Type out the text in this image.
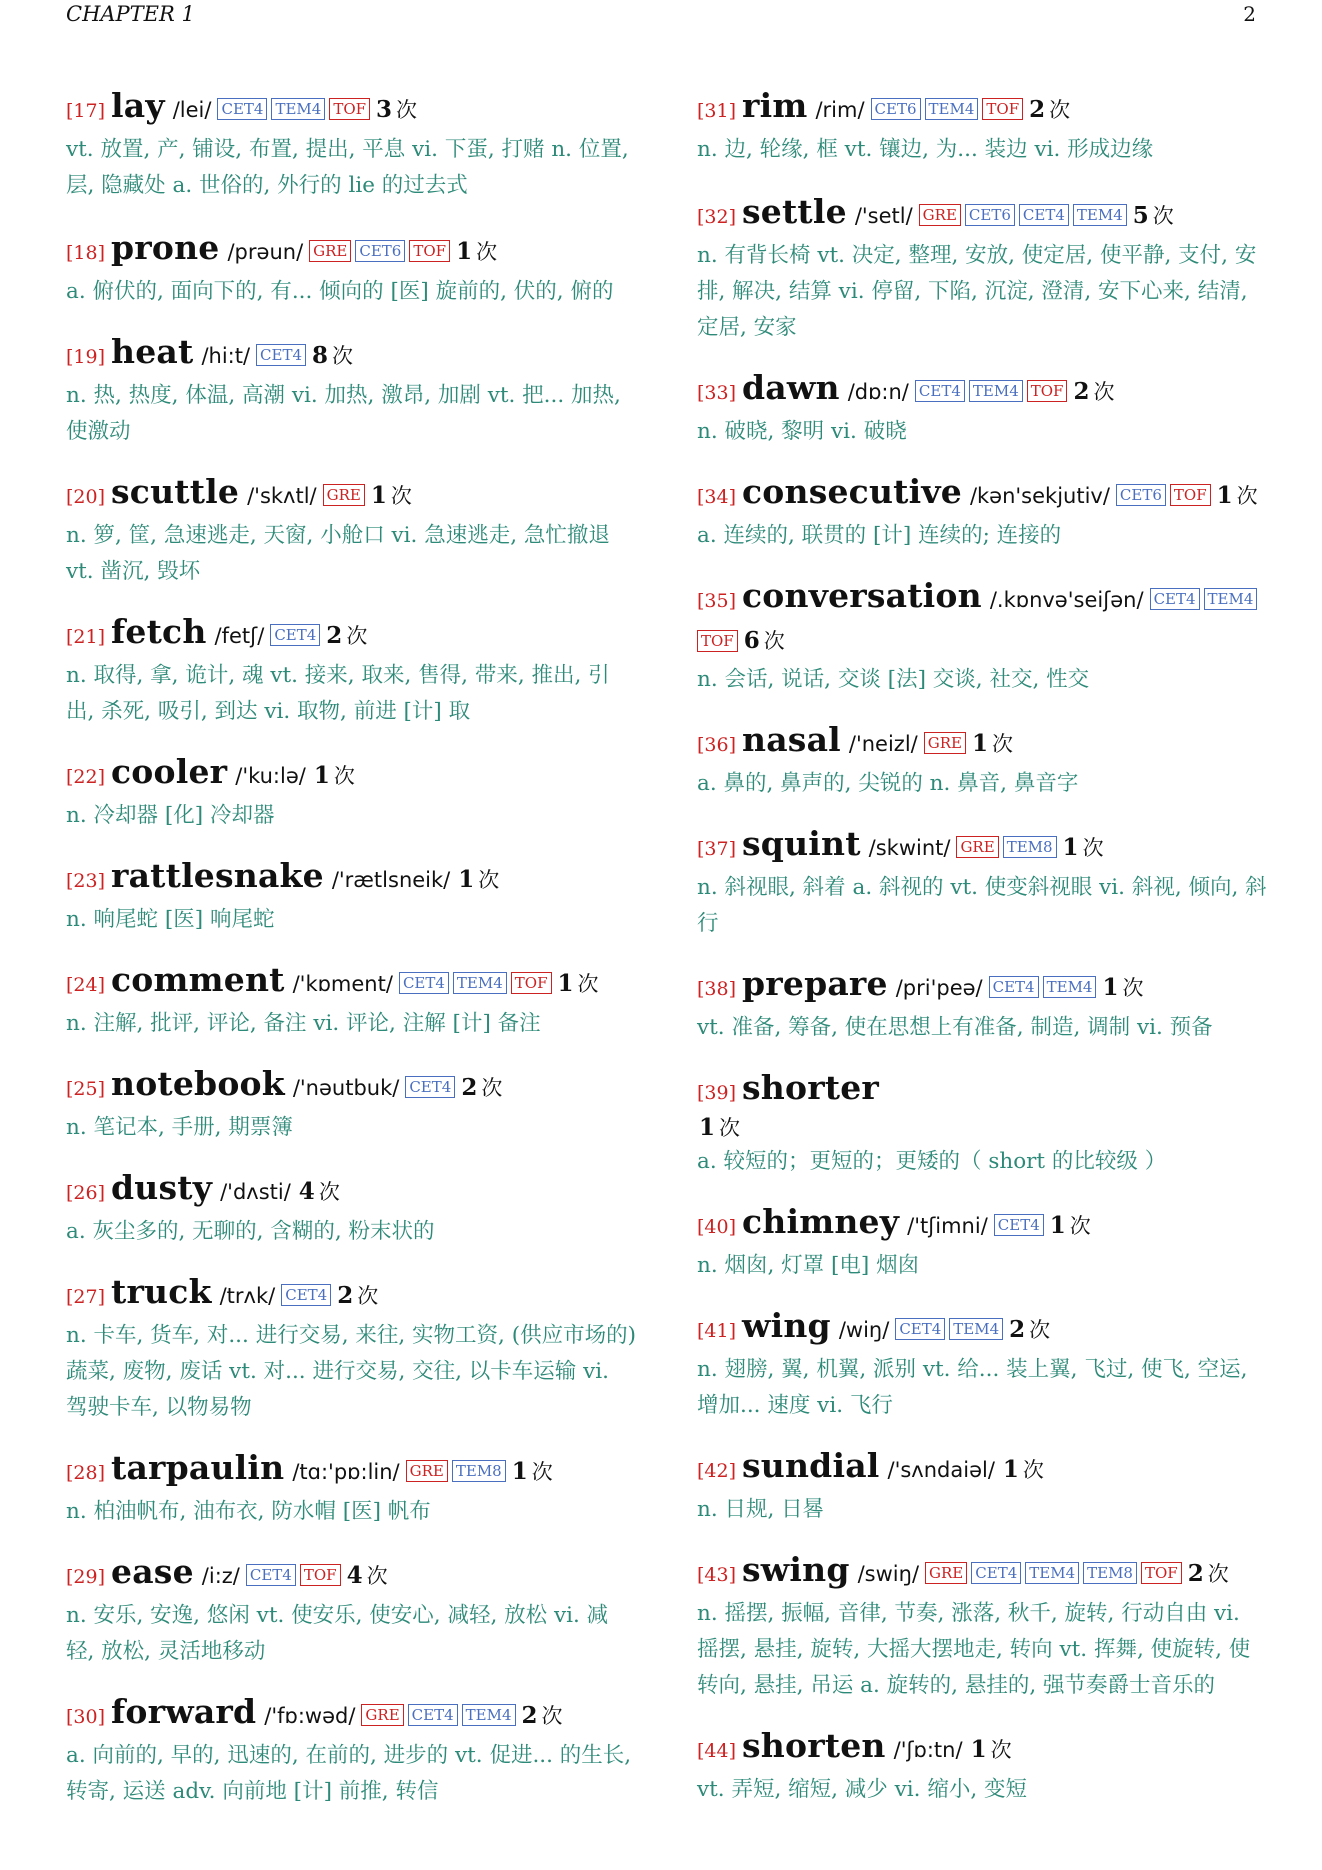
CHAPTER 1	2
[17] lay /lei/ CET4 TEM4 TOF 3 次
vt. 放置, 产, 铺设, 布置, 提出, 平息 vi. 下蛋, 打赌 n. 位置, 层, 隐藏处 a. 世俗的, 外行的 lie 的过去式
[18] prone /prəun/ GRE CET6 TOF 1 次
a. 俯伏的, 面向下的, 有... 倾向的 [医] 旋前的, 伏的, 俯的
[19] heat /hi:t/ CET4 8 次
n. 热, 热度, 体温, 高潮 vi. 加热, 激昂, 加剧 vt. 把... 加热, 使激动
[20] scuttle /'skʌtl/ GRE 1 次
n. 箩, 筐, 急速逃走, 天窗, 小舱口 vi. 急速逃走, 急忙撤退 vt. 凿沉, 毁坏
[21] fetch /fetʃ/ CET4 2 次
n. 取得, 拿, 诡计, 魂 vt. 接来, 取来, 售得, 带来, 推出, 引出, 杀死, 吸引, 到达 vi. 取物, 前进 [计] 取
[22] cooler /'ku:lə/ 1 次
n. 冷却器 [化] 冷却器
[23] rattlesnake /'rætlsneik/ 1 次
n. 响尾蛇 [医] 响尾蛇
[24] comment /'kɒment/ CET4 TEM4 TOF 1 次
n. 注解, 批评, 评论, 备注 vi. 评论, 注解 [计] 备注
[25] notebook /'nəutbuk/ CET4 2 次
n. 笔记本, 手册, 期票簿
[26] dusty /'dʌsti/ 4 次
a. 灰尘多的, 无聊的, 含糊的, 粉末状的
[27] truck /trʌk/ CET4 2 次
n. 卡车, 货车, 对... 进行交易, 来往, 实物工资, (供应市场的) 蔬菜, 废物, 废话 vt. 对... 进行交易, 交往, 以卡车运输 vi. 驾驶卡车, 以物易物
[28] tarpaulin /tɑ:'pɒ:lin/ GRE TEM8 1 次
n. 柏油帆布, 油布衣, 防水帽 [医] 帆布
[29] ease /i:z/ CET4 TOF 4 次
n. 安乐, 安逸, 悠闲 vt. 使安乐, 使安心, 减轻, 放松 vi. 减轻, 放松, 灵活地移动
[30] forward /'fɒ:wəd/ GRE CET4 TEM4 2 次
a. 向前的, 早的, 迅速的, 在前的, 进步的 vt. 促进... 的生长, 转寄, 运送 adv. 向前地 [计] 前推, 转信
[31] rim /rim/ CET6 TEM4 TOF 2 次
n. 边, 轮缘, 框 vt. 镶边, 为... 装边 vi. 形成边缘
[32] settle /'setl/ GRE CET6 CET4 TEM4 5 次
n. 有背长椅 vt. 决定, 整理, 安放, 使定居, 使平静, 支付, 安排, 解决, 结算 vi. 停留, 下陷, 沉淀, 澄清, 安下心来, 结清, 定居, 安家
[33] dawn /dɒ:n/ CET4 TEM4 TOF 2 次
n. 破晓, 黎明 vi. 破晓
[34] consecutive /kən'sekjutiv/ CET6 TOF 1 次
a. 连续的, 联贯的 [计] 连续的; 连接的
[35] conversation /.kɒnvə'seiʃən/ CET4 TEM4
TOF 6 次
n. 会话, 说话, 交谈 [法] 交谈, 社交, 性交
[36] nasal /'neizl/ GRE 1 次
a. 鼻的, 鼻声的, 尖锐的 n. 鼻音, 鼻音字
[37] squint /skwint/ GRE TEM8 1 次
n. 斜视眼, 斜着 a. 斜视的 vt. 使变斜视眼 vi. 斜视, 倾向, 斜行
[38] prepare /pri'peə/ CET4 TEM4 1 次
vt. 准备, 筹备, 使在思想上有准备, 制造, 调制 vi. 预备
[39] shorter
1 次
a. 较短的；更短的；更矮的（ short 的比较级 ）
[40] chimney /'tʃimni/ CET4 1 次
n. 烟囱, 灯罩 [电] 烟囱
[41] wing /wiŋ/ CET4 TEM4 2 次
n. 翅膀, 翼, 机翼, 派别 vt. 给... 装上翼, 飞过, 使飞, 空运, 增加... 速度 vi. 飞行
[42] sundial /'sʌndaiəl/ 1 次
n. 日规, 日晷
[43] swing /swiŋ/ GRE CET4 TEM4 TEM8 TOF 2 次
n. 摇摆, 振幅, 音律, 节奏, 涨落, 秋千, 旋转, 行动自由 vi. 摇摆, 悬挂, 旋转, 大摇大摆地走, 转向 vt. 挥舞, 使旋转, 使转向, 悬挂, 吊运 a. 旋转的, 悬挂的, 强节奏爵士音乐的
[44] shorten /'ʃɒ:tn/ 1 次
vt. 弄短, 缩短, 减少 vi. 缩小, 变短
